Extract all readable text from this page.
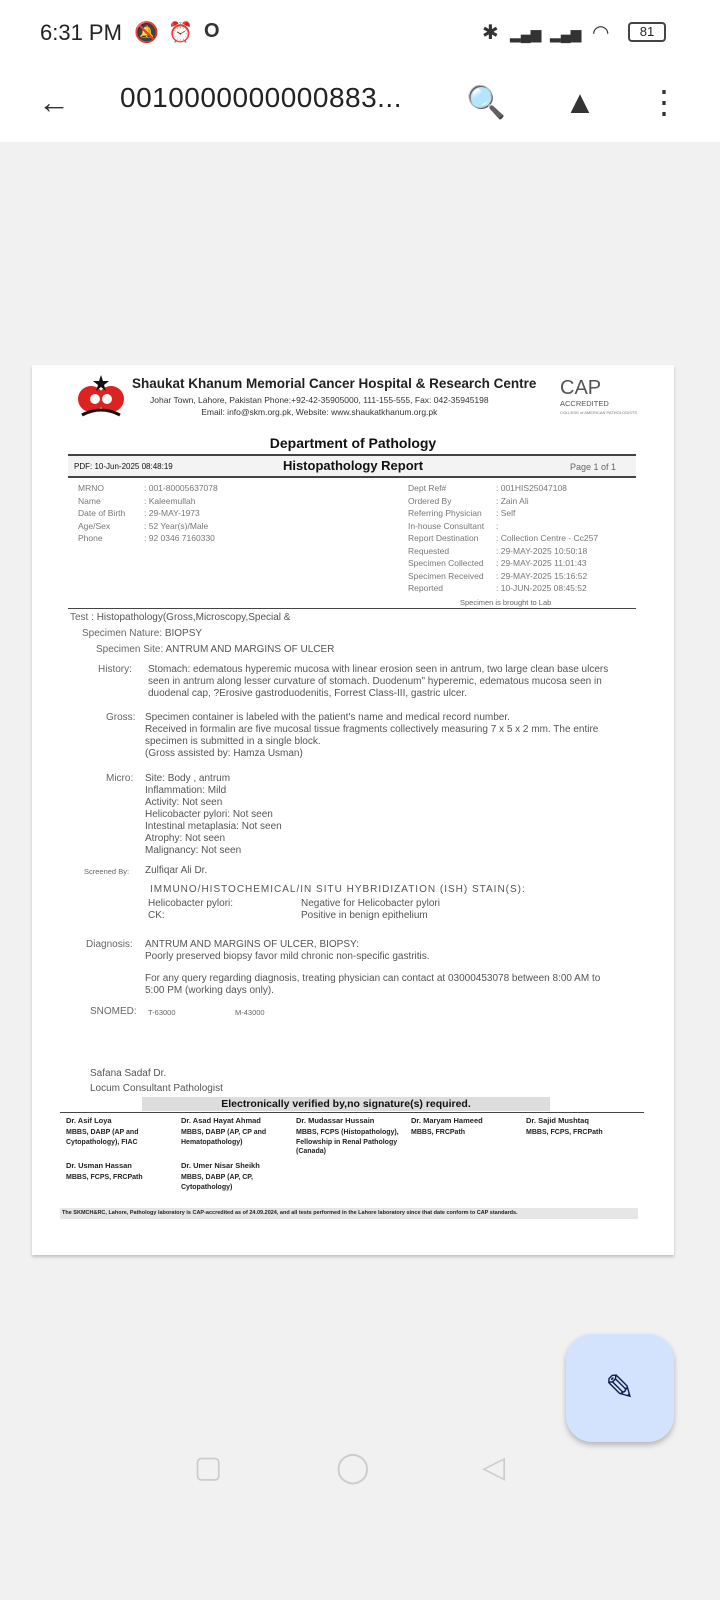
6:31 PM 🔕 ⏰ O	✱ ▂▄▆ ▂▄▆ ◠	81
← 0010000000000883... 🔍 ▲ ⋮
Shaukat Khanum Memorial Cancer Hospital & Research Centre
Johar Town, Lahore, Pakistan Phone:+92-42-35905000, 111-155-555, Fax: 042-35945198
Email: info@skm.org.pk, Website: www.shaukatkhanum.org.pk
CAP
ACCREDITED
COLLEGE of AMERICAN PATHOLOGISTS
Department of Pathology
PDF: 10-Jun-2025 08:48:19	Histopathology Report	Page 1 of 1
MRNO	: 001-80005637078
Name	: Kaleemullah
Date of Birth : 29-MAY-1973
Age/Sex	: 52 Year(s)/Male
Phone	: 92 0346 7160330
Dept Ref#	: 001HIS25047108
Ordered By	: Zain Ali
Referring Physician : Self
In-house Consultant :
Report Destination : Collection Centre - Cc257
Requested	: 29-MAY-2025 10:50:18
Specimen Collected : 29-MAY-2025 11:01:43
Specimen Received : 29-MAY-2025 15:16:52
Reported	: 10-JUN-2025 08:45:52
Specimen is brought to Lab
Test : Histopathology(Gross,Microscopy,Special &
Specimen Nature: BIOPSY
Specimen Site: ANTRUM AND MARGINS OF ULCER
History: Stomach: edematous hyperemic mucosa with linear erosion seen in antrum, two large clean base ulcers
seen in antrum along lesser curvature of stomach. Duodenum" hyperemic, edematous mucosa seen in
duodenal cap, ?Erosive gastroduodenitis, Forrest Class-III, gastric ulcer.
Gross: Specimen container is labeled with the patient's name and medical record number.
Received in formalin are five mucosal tissue fragments collectively measuring 7 x 5 x 2 mm. The entire
specimen is submitted in a single block.
(Gross assisted by: Hamza Usman)
Micro: Site: Body , antrum
Inflammation: Mild
Activity: Not seen
Helicobacter pylori: Not seen
Intestinal metaplasia: Not seen
Atrophy: Not seen
Malignancy: Not seen
Screened By: Zulfiqar Ali Dr.
IMMUNO/HISTOCHEMICAL/IN SITU HYBRIDIZATION (ISH) STAIN(S):
Helicobacter pylori:	Negative for Helicobacter pylori
CK:	Positive in benign epithelium
Diagnosis: ANTRUM AND MARGINS OF ULCER, BIOPSY:
Poorly preserved biopsy favor mild chronic non-specific gastritis.
For any query regarding diagnosis, treating physician can contact at 03000453078 between 8:00 AM to
5:00 PM (working days only).
SNOMED: T-63000	M-43000
Safana Sadaf Dr.
Locum Consultant Pathologist
Electronically verified by,no signature(s) required.
Dr. Asif Loya
MBBS, DABP (AP and Cytopathology), FIAC
Dr. Asad Hayat Ahmad
MBBS, DABP (AP, CP and Hematopathology)
Dr. Mudassar Hussain
MBBS, FCPS (Histopathology), Fellowship in Renal Pathology (Canada)
Dr. Maryam Hameed
MBBS, FRCPath
Dr. Sajid Mushtaq
MBBS, FCPS, FRCPath
Dr. Usman Hassan
MBBS, FCPS, FRCPath
Dr. Umer Nisar Sheikh
MBBS, DABP (AP, CP, Cytopathology)
The SKMCH&RC, Lahore, Pathology laboratory is CAP-accredited as of 24.09.2024, and all tests performed in the Lahore laboratory since that date conform to CAP standards.
✎
▢	◯	◁
